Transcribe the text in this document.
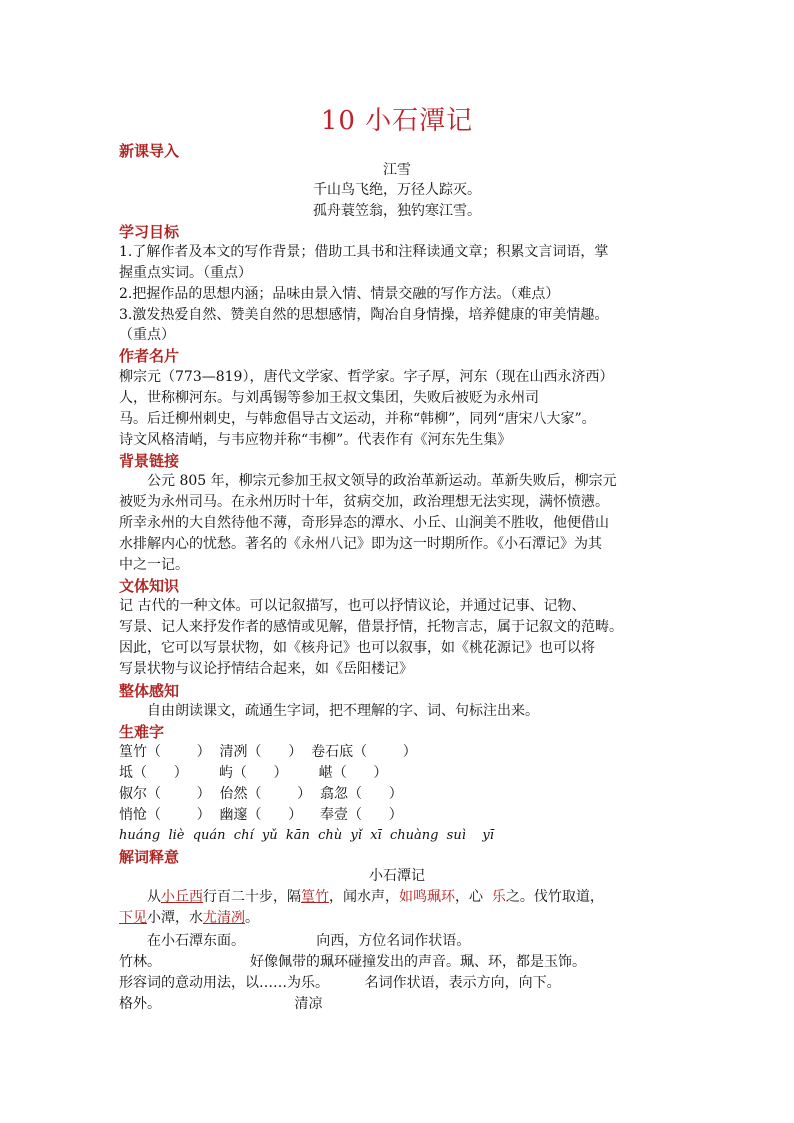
10 小石潭记
新课导入
江雪
千山鸟飞绝，万径人踪灭。
孤舟蓑笠翁，独钓寒江雪。
学习目标
1.了解作者及本文的写作背景；借助工具书和注释读通文章；积累文言词语，掌
握重点实词。（重点）
2.把握作品的思想内涵；品味由景入情、情景交融的写作方法。（难点）
3.激发热爱自然、赞美自然的思想感情，陶冶自身情操，培养健康的审美情趣。
（重点）
作者名片
柳宗元（773—819），唐代文学家、哲学家。字子厚，河东（现在山西永济西）
人，世称柳河东。与刘禹锡等参加王叔文集团，失败后被贬为永州司
马。后迁柳州刺史，与韩愈倡导古文运动，并称“韩柳”，同列“唐宋八大家”。
诗文风格清峭，与韦应物并称“韦柳”。代表作有《河东先生集》
背景链接
公元 805 年，柳宗元参加王叔文领导的政治革新运动。革新失败后，柳宗元
被贬为永州司马。在永州历时十年，贫病交加，政治理想无法实现，满怀愤懑。
所幸永州的大自然待他不薄，奇形异态的潭水、小丘、山涧美不胜收，他便借山
水排解内心的忧愁。著名的《永州八记》即为这一时期所作。《小石潭记》为其
中之一记。
文体知识
记 古代的一种文体。可以记叙描写，也可以抒情议论，并通过记事、记物、
写景、记人来抒发作者的感情或见解，借景抒情，托物言志，属于记叙文的范畴。
因此，它可以写景状物，如《核舟记》也可以叙事，如《桃花源记》也可以将
写景状物与议论抒情结合起来，如《岳阳楼记》
整体感知
自由朗读课文，疏通生字词，把不理解的字、词、句标注出来。
生难字
篁竹（        ）  清冽（      ）  卷石底（        ）
坻（      ）       屿（      ）       嵁（      ）
俶尔（        ）  佁然（        ）  翕忽（      ）
悄怆（        ）  幽邃（      ）    奉壹（      ）
huáng  liè  quán  chí  yǔ  kān  chù  yǐ  xī  chuàng  suì    yī
解词释意
小石潭记
从小丘西行百二十步，隔篁竹，闻水声，如鸣珮环，心  乐之。伐竹取道，
下见小潭，水尤清冽。
在小石潭东面。                向西，方位名词作状语。
竹林。                    好像佩带的珮环碰撞发出的声音。珮、环，都是玉饰。
形容词的意动用法，以……为乐。        名词作状语，表示方向，向下。
格外。                              清凉
